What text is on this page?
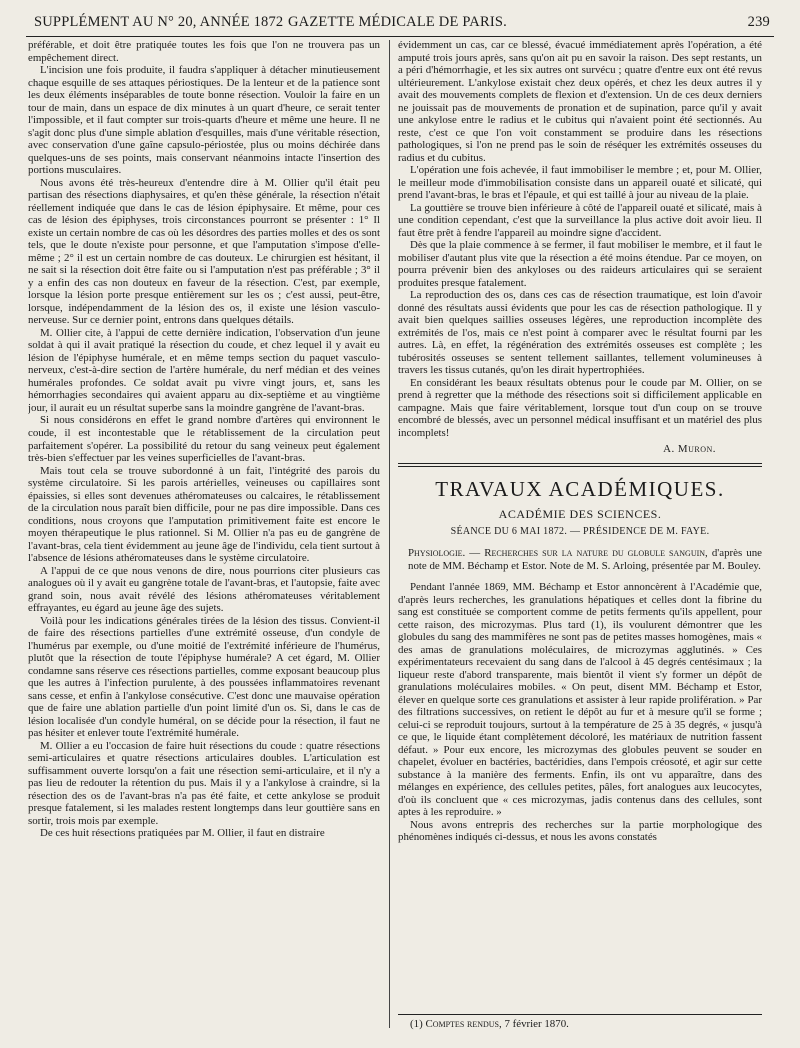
SUPPLÉMENT AU N° 20, ANNÉE 1872 GAZETTE MÉDICALE DE PARIS.	239

préférable, et doit être pratiquée toutes les fois que l'on ne trouvera pas un empêchement direct.

L'incision une fois produite, il faudra s'appliquer à détacher minutieusement chaque esquille de ses attaques périostiques. De la lenteur et de la patience sont les deux éléments inséparables de toute bonne résection. Vouloir la faire en un tour de main, dans un espace de dix minutes à un quart d'heure, ce serait tenter l'impossible, et il faut compter sur trois-quarts d'heure et même une heure. Il ne s'agit donc plus d'une simple ablation d'esquilles, mais d'une véritable résection, avec conservation d'une gaîne capsulo-périostée, plus ou moins déchirée dans quelques-uns de ses points, mais conservant néanmoins intacte l'insertion des portions musculaires.

Nous avons été très-heureux d'entendre dire à M. Ollier qu'il était peu partisan des résections diaphysaires, et qu'en thèse générale, la résection n'était réellement indiquée que dans le cas de lésion épiphysaire. Et même, pour ces cas de lésion des épiphyses, trois circonstances pourront se présenter : 1° Il existe un certain nombre de cas où les désordres des parties molles et des os sont tels, que le doute n'existe pour personne, et que l'amputation s'impose d'elle-même ; 2° il est un certain nombre de cas douteux. Le chirurgien est hésitant, il ne sait si la résection doit être faite ou si l'amputation n'est pas préférable ; 3° il y a enfin des cas non douteux en faveur de la résection. C'est, par exemple, lorsque la lésion porte presque entièrement sur les os ; c'est aussi, peut-être, lorsque, indépendamment de la lésion des os, il existe une lésion vasculo-nerveuse. Sur ce dernier point, entrons dans quelques détails.

M. Ollier cite, à l'appui de cette dernière indication, l'observation d'un jeune soldat à qui il avait pratiqué la résection du coude, et chez lequel il y avait eu lésion de l'épiphyse humérale, et en même temps section du paquet vasculo-nerveux, c'est-à-dire section de l'artère humérale, du nerf médian et des veines humérales profondes. Ce soldat avait pu vivre vingt jours, et, sans les hémorrhagies secondaires qui avaient apparu au dix-septième et au vingtième jour, il aurait eu un résultat superbe sans la moindre gangrène de l'avant-bras.

Si nous considérons en effet le grand nombre d'artères qui environnent le coude, il est incontestable que le rétablissement de la circulation peut parfaitement s'opérer. La possibilité du retour du sang veineux peut également très-bien s'effectuer par les veines superficielles de l'avant-bras.

Mais tout cela se trouve subordonné à un fait, l'intégrité des parois du système circulatoire. Si les parois artérielles, veineuses ou capillaires sont épaissies, si elles sont devenues athéromateuses ou calcaires, le rétablissement de la circulation nous paraît bien difficile, pour ne pas dire impossible. Dans ces conditions, nous croyons que l'amputation primitivement faite est encore le moyen thérapeutique le plus rationnel. Si M. Ollier n'a pas eu de gangrène de l'avant-bras, cela tient évidemment au jeune âge de l'individu, cela tient surtout à l'absence de lésions athéromateuses dans le système circulatoire.

A l'appui de ce que nous venons de dire, nous pourrions citer plusieurs cas analogues où il y avait eu gangrène totale de l'avant-bras, et l'autopsie, faite avec grand soin, nous avait révélé des lésions athéromateuses véritablement effrayantes, eu égard au jeune âge des sujets.

Voilà pour les indications générales tirées de la lésion des tissus. Convient-il de faire des résections partielles d'une extrémité osseuse, d'un condyle de l'humérus par exemple, ou d'une moitié de l'extrémité inférieure de l'humérus, plutôt que la résection de toute l'épiphyse humérale? A cet égard, M. Ollier condamne sans réserve ces résections partielles, comme exposant beaucoup plus que les autres à l'infection purulente, à des poussées inflammatoires revenant sans cesse, et enfin à l'ankylose consécutive. C'est donc une mauvaise opération que de faire une ablation partielle d'un point limité d'un os. Si, dans le cas de lésion localisée d'un condyle huméral, on se décide pour la résection, il faut ne pas hésiter et enlever toute l'extrémité humérale.

M. Ollier a eu l'occasion de faire huit résections du coude : quatre résections semi-articulaires et quatre résections articulaires doubles. L'articulation est suffisamment ouverte lorsqu'on a fait une résection semi-articulaire, et il n'y a pas lieu de redouter la rétention du pus. Mais il y a l'ankylose à craindre, si la résection des os de l'avant-bras n'a pas été faite, et cette ankylose se produit presque fatalement, si les malades restent longtemps dans leur gouttière sans en sortir, trois mois par exemple.

De ces huit résections pratiquées par M. Ollier, il faut en distraire

évidemment un cas, car ce blessé, évacué immédiatement après l'opération, a été amputé trois jours après, sans qu'on ait pu en savoir la raison. Des sept restants, un a péri d'hémorrhagie, et les six autres ont survécu ; quatre d'entre eux ont été revus ultérieurement. L'ankylose existait chez deux opérés, et chez les deux autres il y avait des mouvements complets de flexion et d'extension. Un de ces deux derniers ne jouissait pas de mouvements de pronation et de supination, parce qu'il y avait une ankylose entre le radius et le cubitus qui n'avaient point été sectionnés. Au reste, c'est ce que l'on voit constamment se produire dans les résections pathologiques, si l'on ne prend pas le soin de réséquer les extrémités osseuses du radius et du cubitus.

L'opération une fois achevée, il faut immobiliser le membre ; et, pour M. Ollier, le meilleur mode d'immobilisation consiste dans un appareil ouaté et silicaté, qui prend l'avant-bras, le bras et l'épaule, et qui est taillé à jour au niveau de la plaie.

La gouttière se trouve bien inférieure à côté de l'appareil ouaté et silicaté, mais à une condition cependant, c'est que la surveillance la plus active doit avoir lieu. Il faut être prêt à fendre l'appareil au moindre signe d'accident.

Dès que la plaie commence à se fermer, il faut mobiliser le membre, et il faut le mobiliser d'autant plus vite que la résection a été moins étendue. Par ce moyen, on pourra prévenir bien des ankyloses ou des raideurs articulaires qui se seraient produites presque fatalement.

La reproduction des os, dans ces cas de résection traumatique, est loin d'avoir donné des résultats aussi évidents que pour les cas de résection pathologique. Il y avait bien quelques saillies osseuses légères, une reproduction incomplète des extrémités de l'os, mais ce n'est point à comparer avec le résultat fourni par les autres. Là, en effet, la régénération des extrémités osseuses est complète ; les tubérosités osseuses se sentent tellement saillantes, tellement volumineuses à travers les tissus cutanés, qu'on les dirait hypertrophiées.

En considérant les beaux résultats obtenus pour le coude par M. Ollier, on se prend à regretter que la méthode des résections soit si difficilement applicable en campagne. Mais que faire véritablement, lorsque tout d'un coup on se trouve encombré de blessés, avec un personnel médical insuffisant et un matériel des plus incomplets!

A. Muron.
TRAVAUX ACADÉMIQUES.
ACADÉMIE DES SCIENCES.
SÉANCE DU 6 MAI 1872. — PRÉSIDENCE DE M. FAYE.
Physiologie. — Recherches sur la nature du globule sanguin, d'après une note de MM. Béchamp et Estor. Note de M. S. Arloing, présentée par M. Bouley.

Pendant l'année 1869, MM. Béchamp et Estor annoncèrent à l'Académie que, d'après leurs recherches, les granulations hépatiques et celles dont la fibrine du sang est constituée se comportent comme de petits ferments qu'ils appellent, pour cette raison, des microzymas. Plus tard (1), ils voulurent démontrer que les globules du sang des mammifères ne sont pas de petites masses homogènes, mais « des amas de granulations moléculaires, de microzymas agglutinés. » Ces expérimentateurs recevaient du sang dans de l'alcool à 45 degrés centésimaux ; la liqueur reste d'abord transparente, mais bientôt il vient s'y former un dépôt de granulations moléculaires mobiles. « On peut, disent MM. Béchamp et Estor, élever en quelque sorte ces granulations et assister à leur rapide prolifération. » Par des filtrations successives, on retient le dépôt au fur et à mesure qu'il se forme ; celui-ci se reproduit toujours, surtout à la température de 25 à 35 degrés, « jusqu'à ce que, le liquide étant complètement décoloré, les matériaux de nutrition fassent défaut. » Pour eux encore, les microzymas des globules peuvent se souder en chapelet, évoluer en bactéries, bactéridies, dans l'empois créosoté, et agir sur cette substance à la manière des ferments. Enfin, ils ont vu apparaître, dans des mélanges en expérience, des cellules petites, pâles, fort analogues aux leucocytes, d'où ils concluent que « ces microzymas, jadis contenus dans des cellules, sont aptes à les reproduire. »

Nous avons entrepris des recherches sur la partie morphologique des phénomènes indiqués ci-dessus, et nous les avons constatés

(1) Comptes rendus, 7 février 1870.
